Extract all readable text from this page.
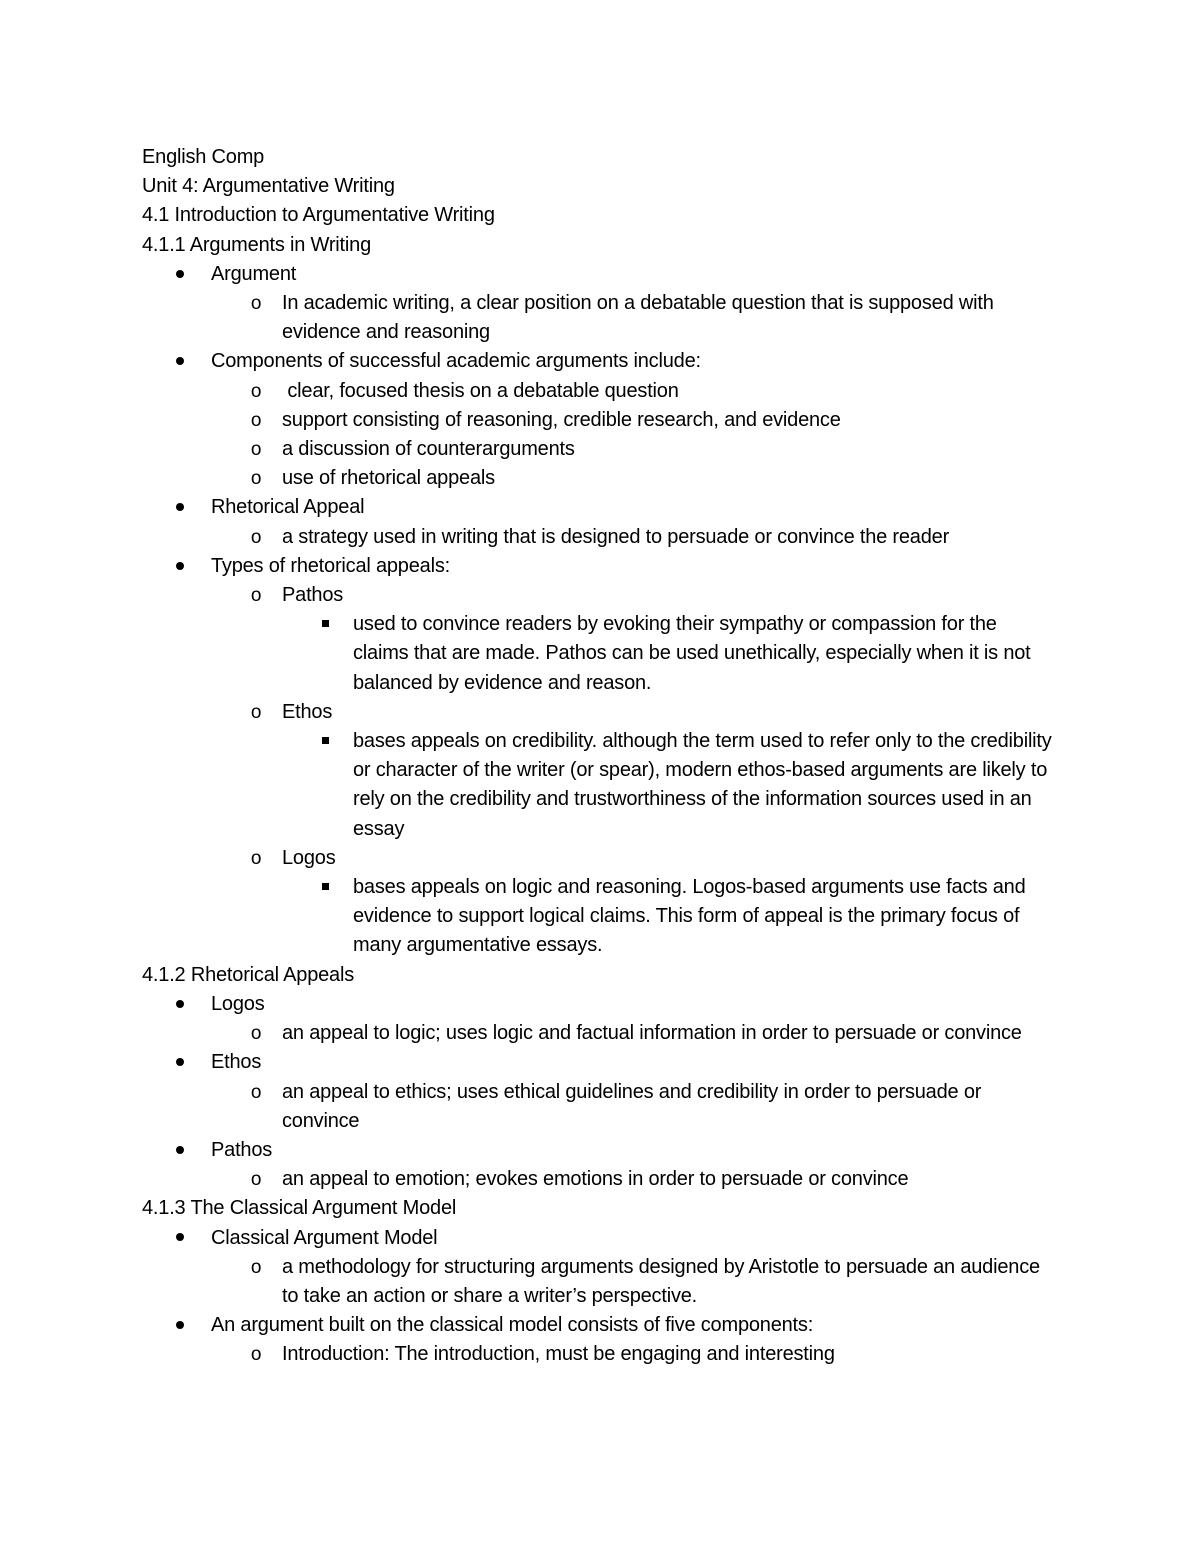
English Comp

Unit 4: Argumentative Writing

4.1 Introduction to Argumentative Writing

4.1.1 Arguments in Writing

Argument
o In academic writing, a clear position on a debatable question that is supposed with evidence and reasoning
Components of successful academic arguments include:
o clear, focused thesis on a debatable question
o support consisting of reasoning, credible research, and evidence
o a discussion of counterarguments
o use of rhetorical appeals
Rhetorical Appeal
o a strategy used in writing that is designed to persuade or convince the reader
Types of rhetorical appeals:
o Pathos
used to convince readers by evoking their sympathy or compassion for the claims that are made. Pathos can be used unethically, especially when it is not balanced by evidence and reason.
o Ethos
bases appeals on credibility. although the term used to refer only to the credibility or character of the writer (or spear), modern ethos-based arguments are likely to rely on the credibility and trustworthiness of the information sources used in an essay
o Logos
bases appeals on logic and reasoning. Logos-based arguments use facts and evidence to support logical claims. This form of appeal is the primary focus of many argumentative essays.

4.1.2 Rhetorical Appeals

Logos
o an appeal to logic; uses logic and factual information in order to persuade or convince
Ethos
o an appeal to ethics; uses ethical guidelines and credibility in order to persuade or convince
Pathos
o an appeal to emotion; evokes emotions in order to persuade or convince

4.1.3 The Classical Argument Model

Classical Argument Model
o a methodology for structuring arguments designed by Aristotle to persuade an audience to take an action or share a writer’s perspective.
An argument built on the classical model consists of five components:
o Introduction: The introduction, must be engaging and interesting
